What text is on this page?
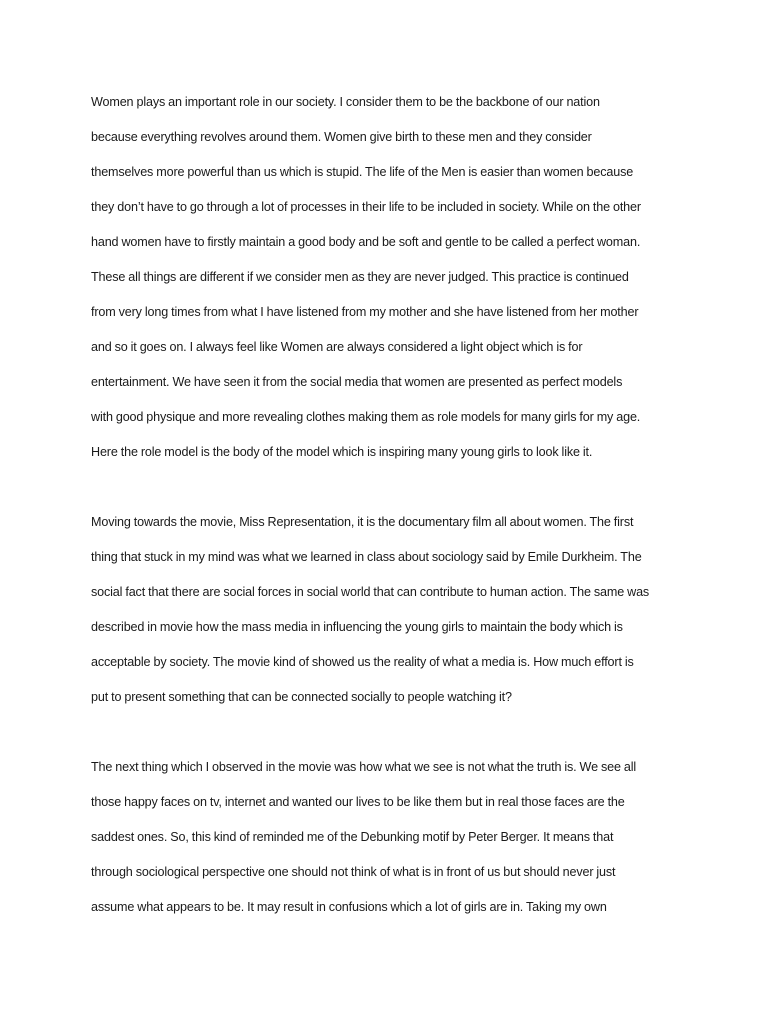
Women plays an important role in our society. I consider them to be the backbone of our nation
because everything revolves around them. Women give birth to these men and they consider
themselves more powerful than us which is stupid. The life of the Men is easier than women because
they don’t have to go through a lot of processes in their life to be included in society. While on the other
hand women have to firstly maintain a good body and be soft and gentle to be called a perfect woman.
These all things are different if we consider men as they are never judged. This practice is continued
from very long times from what I have listened from my mother and she have listened from her mother
and so it goes on. I always feel like Women are always considered a light object which is for
entertainment. We have seen it from the social media that women are presented as perfect models
with good physique and more revealing clothes making them as role models for many girls for my age.
Here the role model is the body of the model which is inspiring many young girls to look like it.
Moving towards the movie, Miss Representation, it is the documentary film all about women. The first
thing that stuck in my mind was what we learned in class about sociology said by Emile Durkheim. The
social fact that there are social forces in social world that can contribute to human action. The same was
described in movie how the mass media in influencing the young girls to maintain the body which is
acceptable by society. The movie kind of showed us the reality of what a media is. How much effort is
put to present something that can be connected socially to people watching it?
The next thing which I observed in the movie was how what we see is not what the truth is. We see all
those happy faces on tv, internet and wanted our lives to be like them but in real those faces are the
saddest ones. So, this kind of reminded me of the Debunking motif by Peter Berger. It means that
through sociological perspective one should not think of what is in front of us but should never just
assume what appears to be. It may result in confusions which a lot of girls are in. Taking my own
